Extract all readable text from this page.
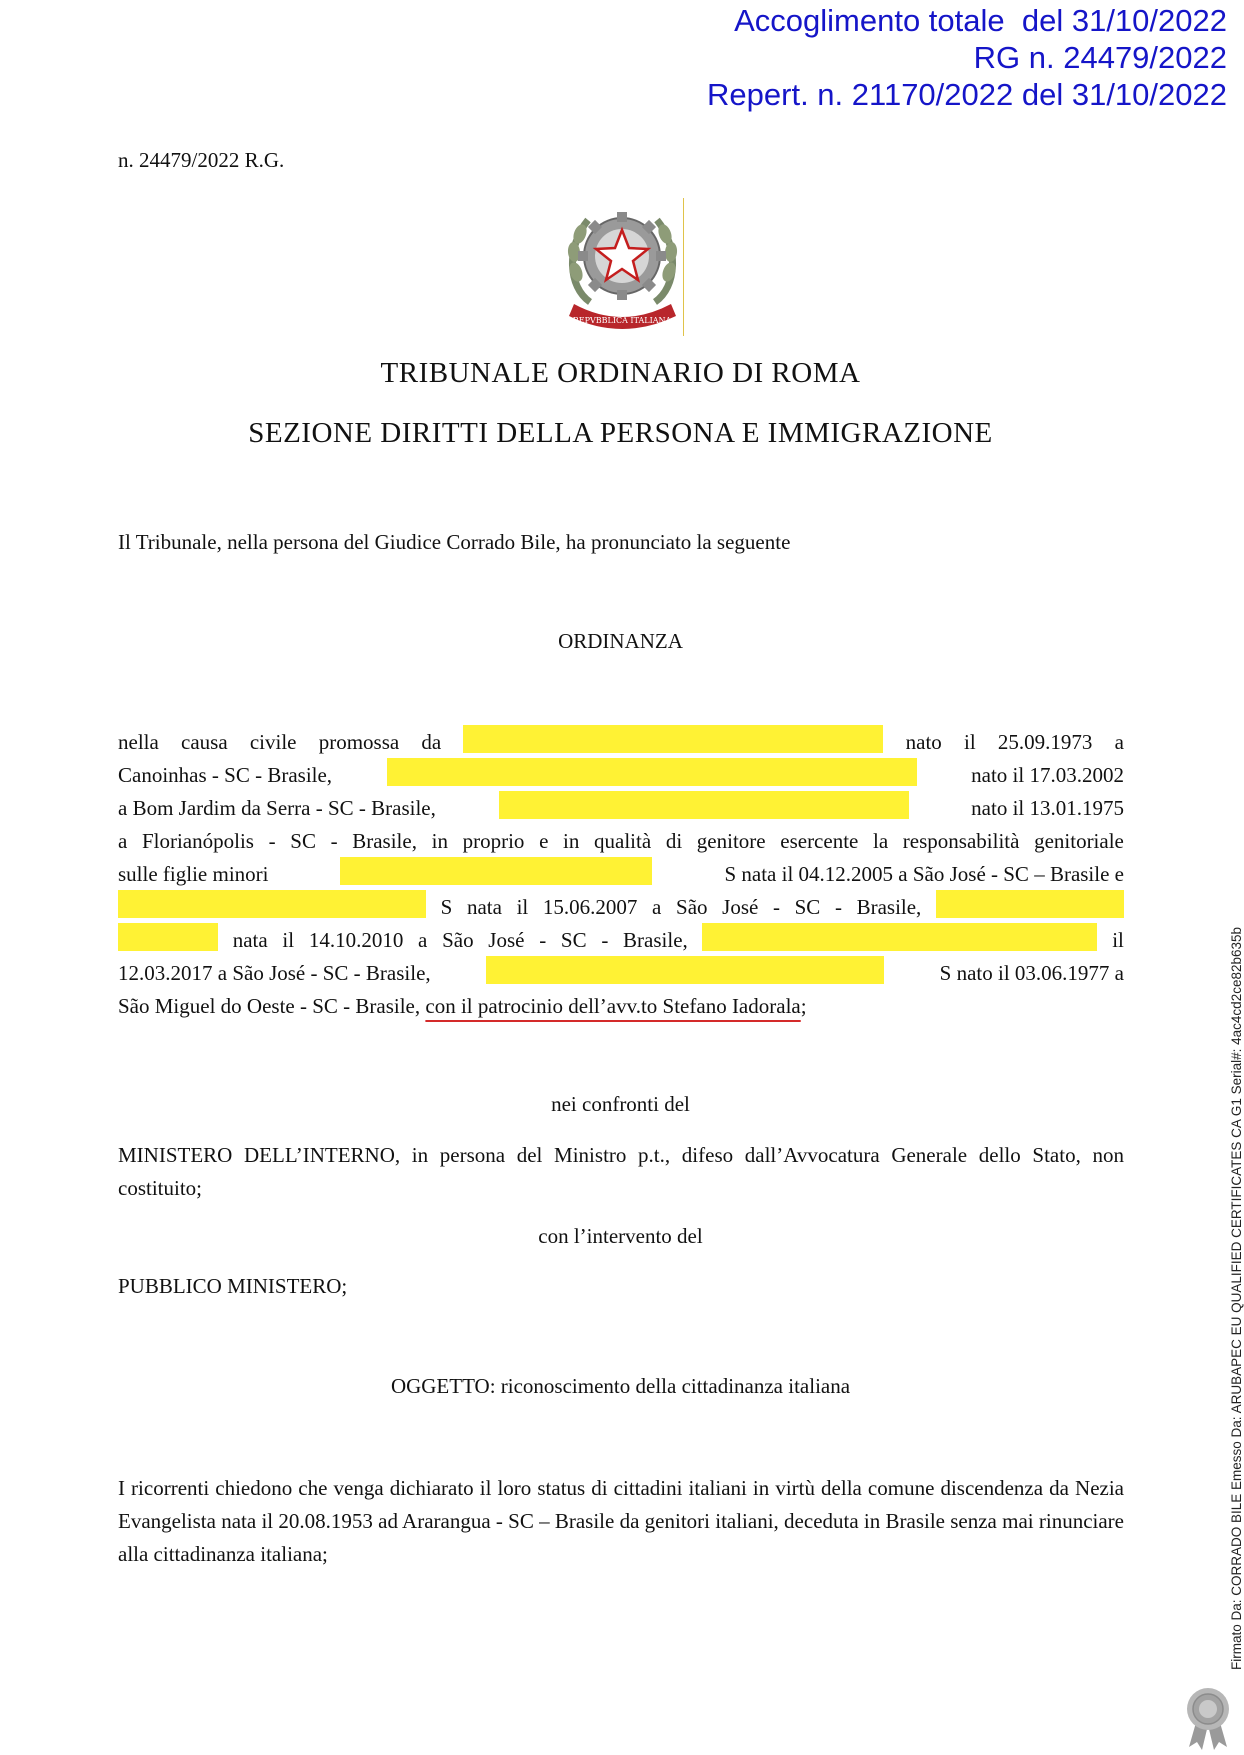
Accoglimento totale  del 31/10/2022
RG n. 24479/2022
Repert. n. 21170/2022 del 31/10/2022
n. 24479/2022 R.G.
REPVBBLICA ITALIANA
TRIBUNALE ORDINARIO DI ROMA
SEZIONE DIRITTI DELLA PERSONA E IMMIGRAZIONE
Il Tribunale, nella persona del Giudice Corrado Bile, ha pronunciato la seguente
ORDINANZA
nella causa civile promossa da	nato il 25.09.1973 a
Canoinhas - SC - Brasile,	nato il 17.03.2002
a Bom Jardim da Serra - SC - Brasile,	nato il 13.01.1975
a Florianópolis - SC - Brasile, in proprio e in qualità di genitore esercente la responsabilità genitoriale
sulle figlie minori	S nata il 04.12.2005 a São José - SC – Brasile e
S nata il 15.06.2007 a São José - SC - Brasile,
nata il 14.10.2010 a São José - SC - Brasile,	il
12.03.2017 a São José - SC - Brasile,	S nato il 03.06.1977 a
São Miguel do Oeste - SC - Brasile, con il patrocinio dell’avv.to Stefano Iadorala ;
nei confronti del
MINISTERO DELL’INTERNO, in persona del Ministro p.t., difeso dall’Avvocatura Generale dello Stato, non costituito;
con l’intervento del
PUBBLICO MINISTERO;
OGGETTO: riconoscimento della cittadinanza italiana
I ricorrenti chiedono che venga dichiarato il loro status di cittadini italiani in virtù della comune discendenza da Nezia Evangelista nata il 20.08.1953 ad Ararangua - SC – Brasile da genitori italiani, deceduta in Brasile senza mai rinunciare alla cittadinanza italiana;	Firmato Da: CORRADO BILE Emesso Da: ARUBAPEC EU QUALIFIED CERTIFICATES CA G1 Serial#: 4ac4cd2ce82b635b
